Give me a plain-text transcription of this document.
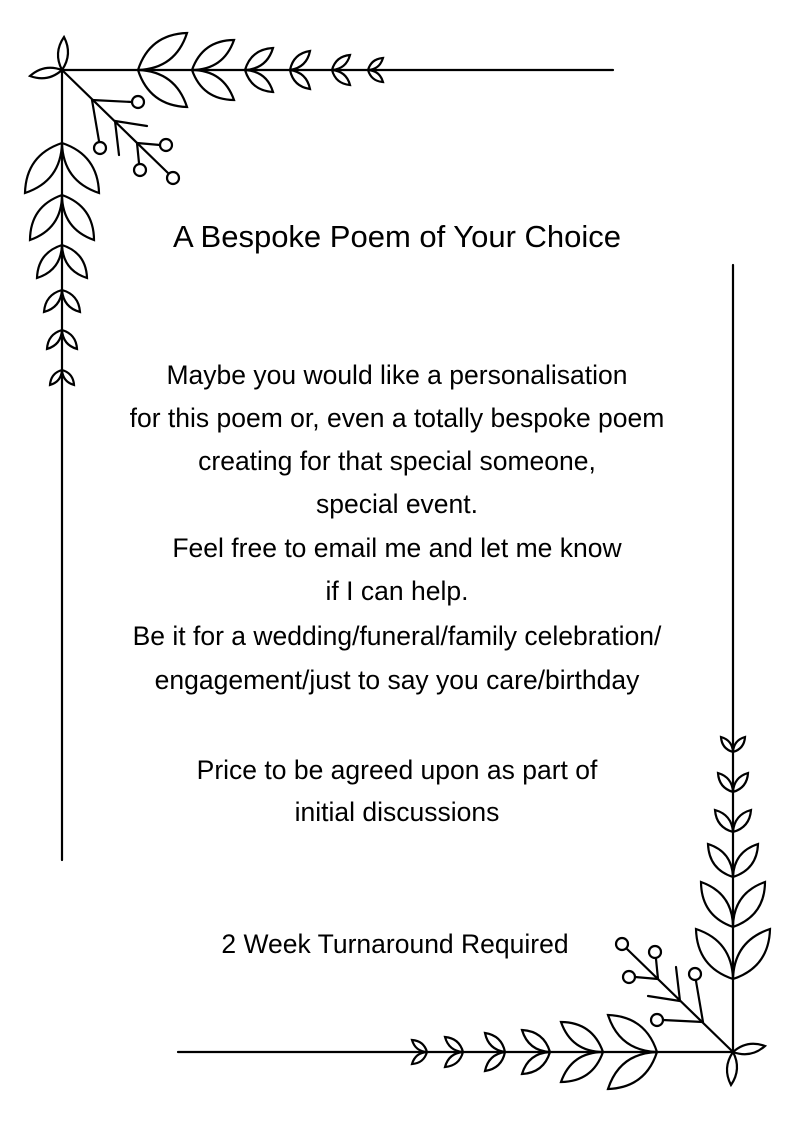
A Bespoke Poem of Your Choice
Maybe you would like a personalisation
for this poem or, even a totally bespoke poem
creating for that special someone,
special event.
Feel free to email me and let me know
if I can help.
Be it for a wedding/funeral/family celebration/
engagement/just to say you care/birthday
Price to be agreed upon as part of
initial discussions
2 Week Turnaround Required
